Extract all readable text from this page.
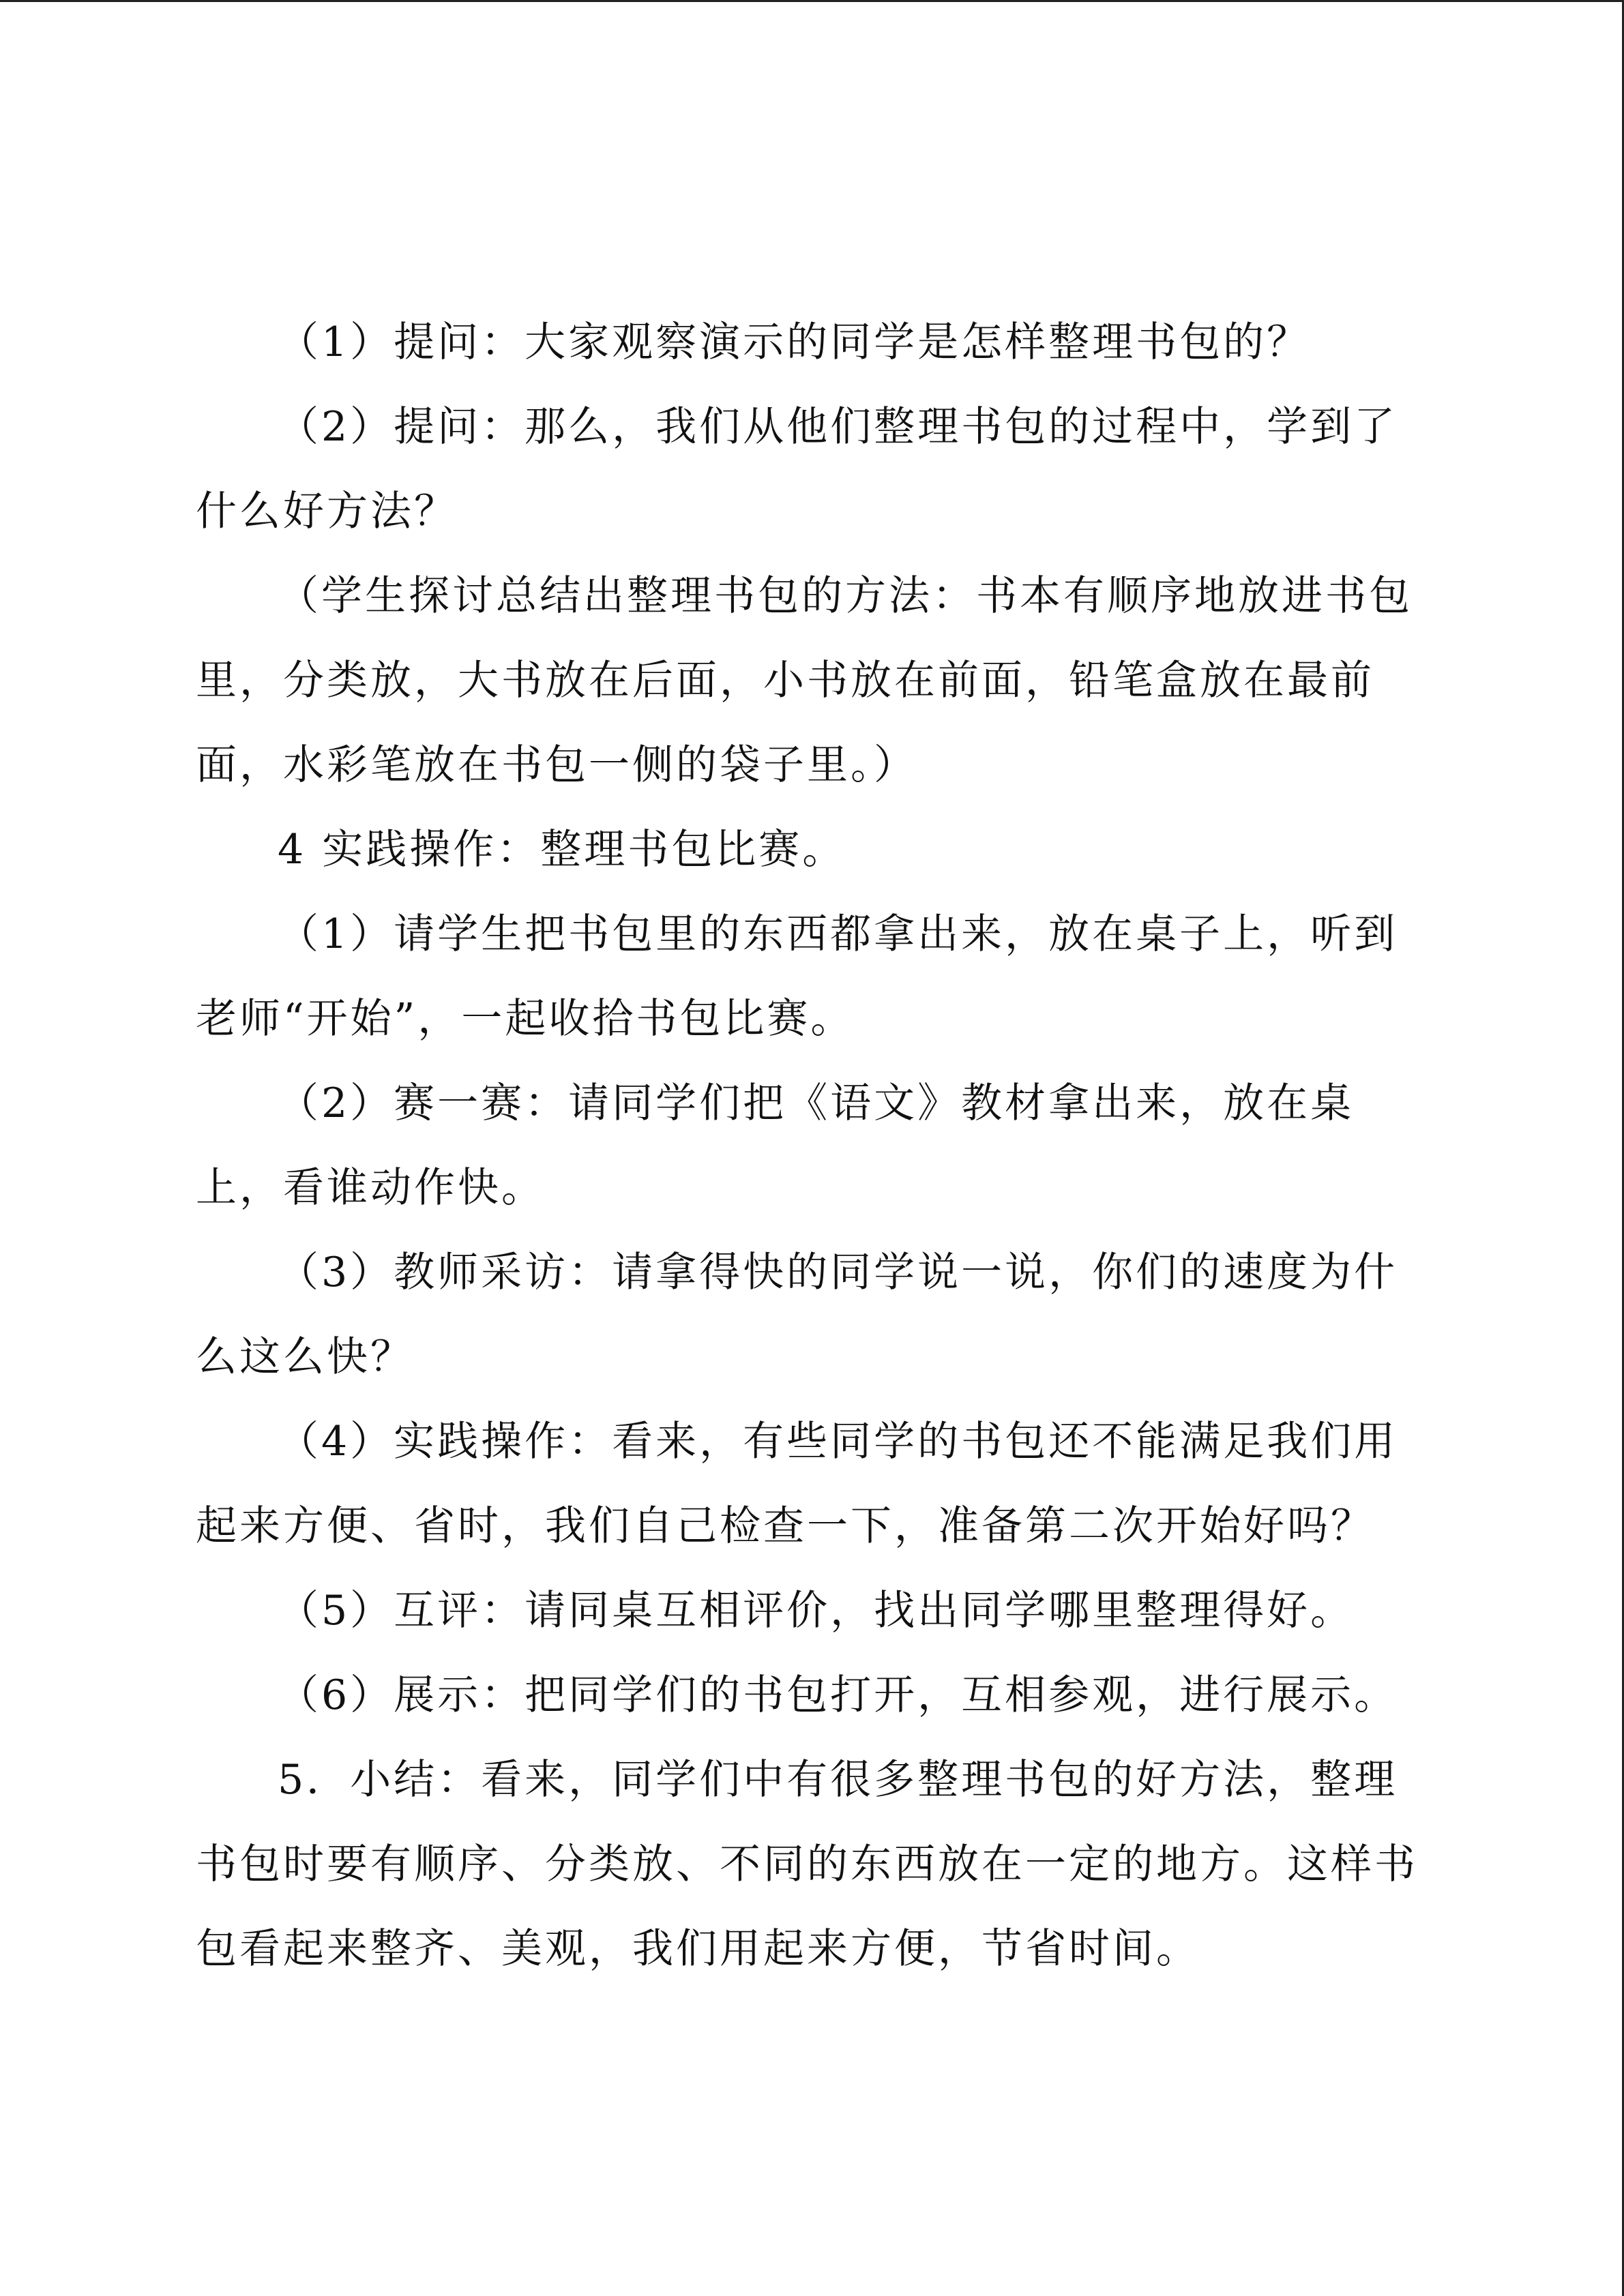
（1）提问：大家观察演示的同学是怎样整理书包的？

（2）提问：那么，我们从他们整理书包的过程中，学到了什么好方法？

（学生探讨总结出整理书包的方法：书本有顺序地放进书包里，分类放，大书放在后面，小书放在前面，铅笔盒放在最前面，水彩笔放在书包一侧的袋子里。）

4 实践操作：整理书包比赛。

（1）请学生把书包里的东西都拿出来，放在桌子上，听到老师“开始”，一起收拾书包比赛。

（2）赛一赛：请同学们把《语文》教材拿出来，放在桌上，看谁动作快。

（3）教师采访：请拿得快的同学说一说，你们的速度为什么这么快？

（4）实践操作：看来，有些同学的书包还不能满足我们用起来方便、省时，我们自己检查一下，准备第二次开始好吗？

（5）互评：请同桌互相评价，找出同学哪里整理得好。

（6）展示：把同学们的书包打开，互相参观，进行展示。

5．小结：看来，同学们中有很多整理书包的好方法，整理书包时要有顺序、分类放、不同的东西放在一定的地方。这样书包看起来整齐、美观，我们用起来方便，节省时间。
